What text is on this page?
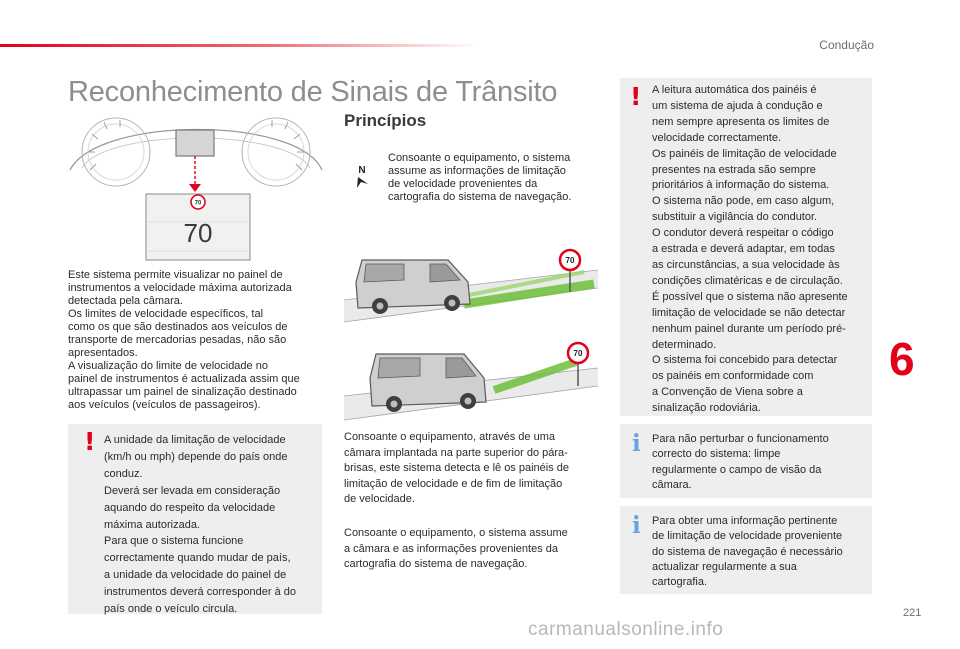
Condução
Reconhecimento de Sinais de Trânsito
70
70
Este sistema permite visualizar no painel de
instrumentos a velocidade máxima autorizada
detectada pela câmara.
Os limites de velocidade específicos, tal
como os que são destinados aos veículos de
transporte de mercadorias pesadas, não são
apresentados.
A visualização do limite de velocidade no
painel de instrumentos é actualizada assim que
ultrapassar um painel de sinalização destinado
aos veículos (veículos de passageiros).
! A unidade da limitação de velocidade
(km/h ou mph) depende do país onde
conduz.
Deverá ser levada em consideração
aquando do respeito da velocidade
máxima autorizada.
Para que o sistema funcione
correctamente quando mudar de país,
a unidade da velocidade do painel de
instrumentos deverá corresponder à do
país onde o veículo circula.
Princípios
N
Consoante o equipamento, o sistema
assume as informações de limitação
de velocidade provenientes da
cartografia do sistema de navegação.
70
70
Consoante o equipamento, através de uma
câmara implantada na parte superior do pára-
brisas, este sistema detecta e lê os painéis de
limitação de velocidade e de fim de limitação
de velocidade.
Consoante o equipamento, o sistema assume
a câmara e as informações provenientes da
cartografia do sistema de navegação.
! A leitura automática dos painéis é
um sistema de ajuda à condução e
nem sempre apresenta os limites de
velocidade correctamente.
Os painéis de limitação de velocidade
presentes na estrada são sempre
prioritários à informação do sistema.
O sistema não pode, em caso algum,
substituir a vigilância do condutor.
O condutor deverá respeitar o código
a estrada e deverá adaptar, em todas
as circunstâncias, a sua velocidade às
condições climatéricas e de circulação.
É possível que o sistema não apresente
limitação de velocidade se não detectar
nenhum painel durante um período pré-
determinado.
O sistema foi concebido para detectar
os painéis em conformidade com
a Convenção de Viena sobre a
sinalização rodoviária.
i Para não perturbar o funcionamento
correcto do sistema: limpe
regularmente o campo de visão da
câmara.
i Para obter uma informação pertinente
de limitação de velocidade proveniente
do sistema de navegação é necessário
actualizar regularmente a sua
cartografia.
6
221
carmanualsonline.info
